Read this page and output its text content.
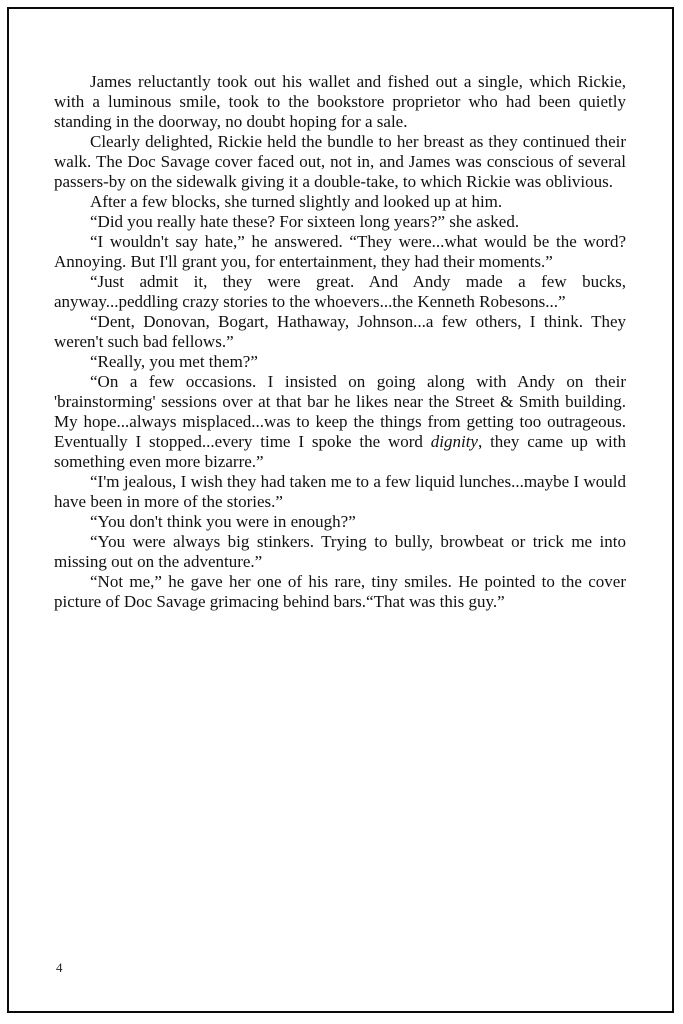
James reluctantly took out his wallet and fished out a single, which Rickie, with a luminous smile, took to the bookstore proprietor who had been quietly standing in the doorway, no doubt hoping for a sale.

Clearly delighted, Rickie held the bundle to her breast as they continued their walk. The Doc Savage cover faced out, not in, and James was conscious of several passers-by on the sidewalk giving it a double-take, to which Rickie was oblivious.

After a few blocks, she turned slightly and looked up at him.

“Did you really hate these? For sixteen long years?” she asked.

“I wouldn't say hate,” he answered. “They were...what would be the word? Annoying. But I'll grant you, for entertainment, they had their moments.”

“Just admit it, they were great. And Andy made a few bucks, anyway...peddling crazy stories to the whoevers...the Kenneth Robesons...”

“Dent, Donovan, Bogart, Hathaway, Johnson...a few others, I think. They weren't such bad fellows.”

“Really, you met them?”

“On a few occasions. I insisted on going along with Andy on their 'brainstorming' sessions over at that bar he likes near the Street & Smith building. My hope...always misplaced...was to keep the things from getting too outrageous. Eventually I stopped...every time I spoke the word dignity, they came up with something even more bizarre.”

“I'm jealous, I wish they had taken me to a few liquid lunches...maybe I would have been in more of the stories.”

“You don't think you were in enough?”

“You were always big stinkers. Trying to bully, browbeat or trick me into missing out on the adventure.”

“Not me,” he gave her one of his rare, tiny smiles. He pointed to the cover picture of Doc Savage grimacing behind bars.“That was this guy.”

4
